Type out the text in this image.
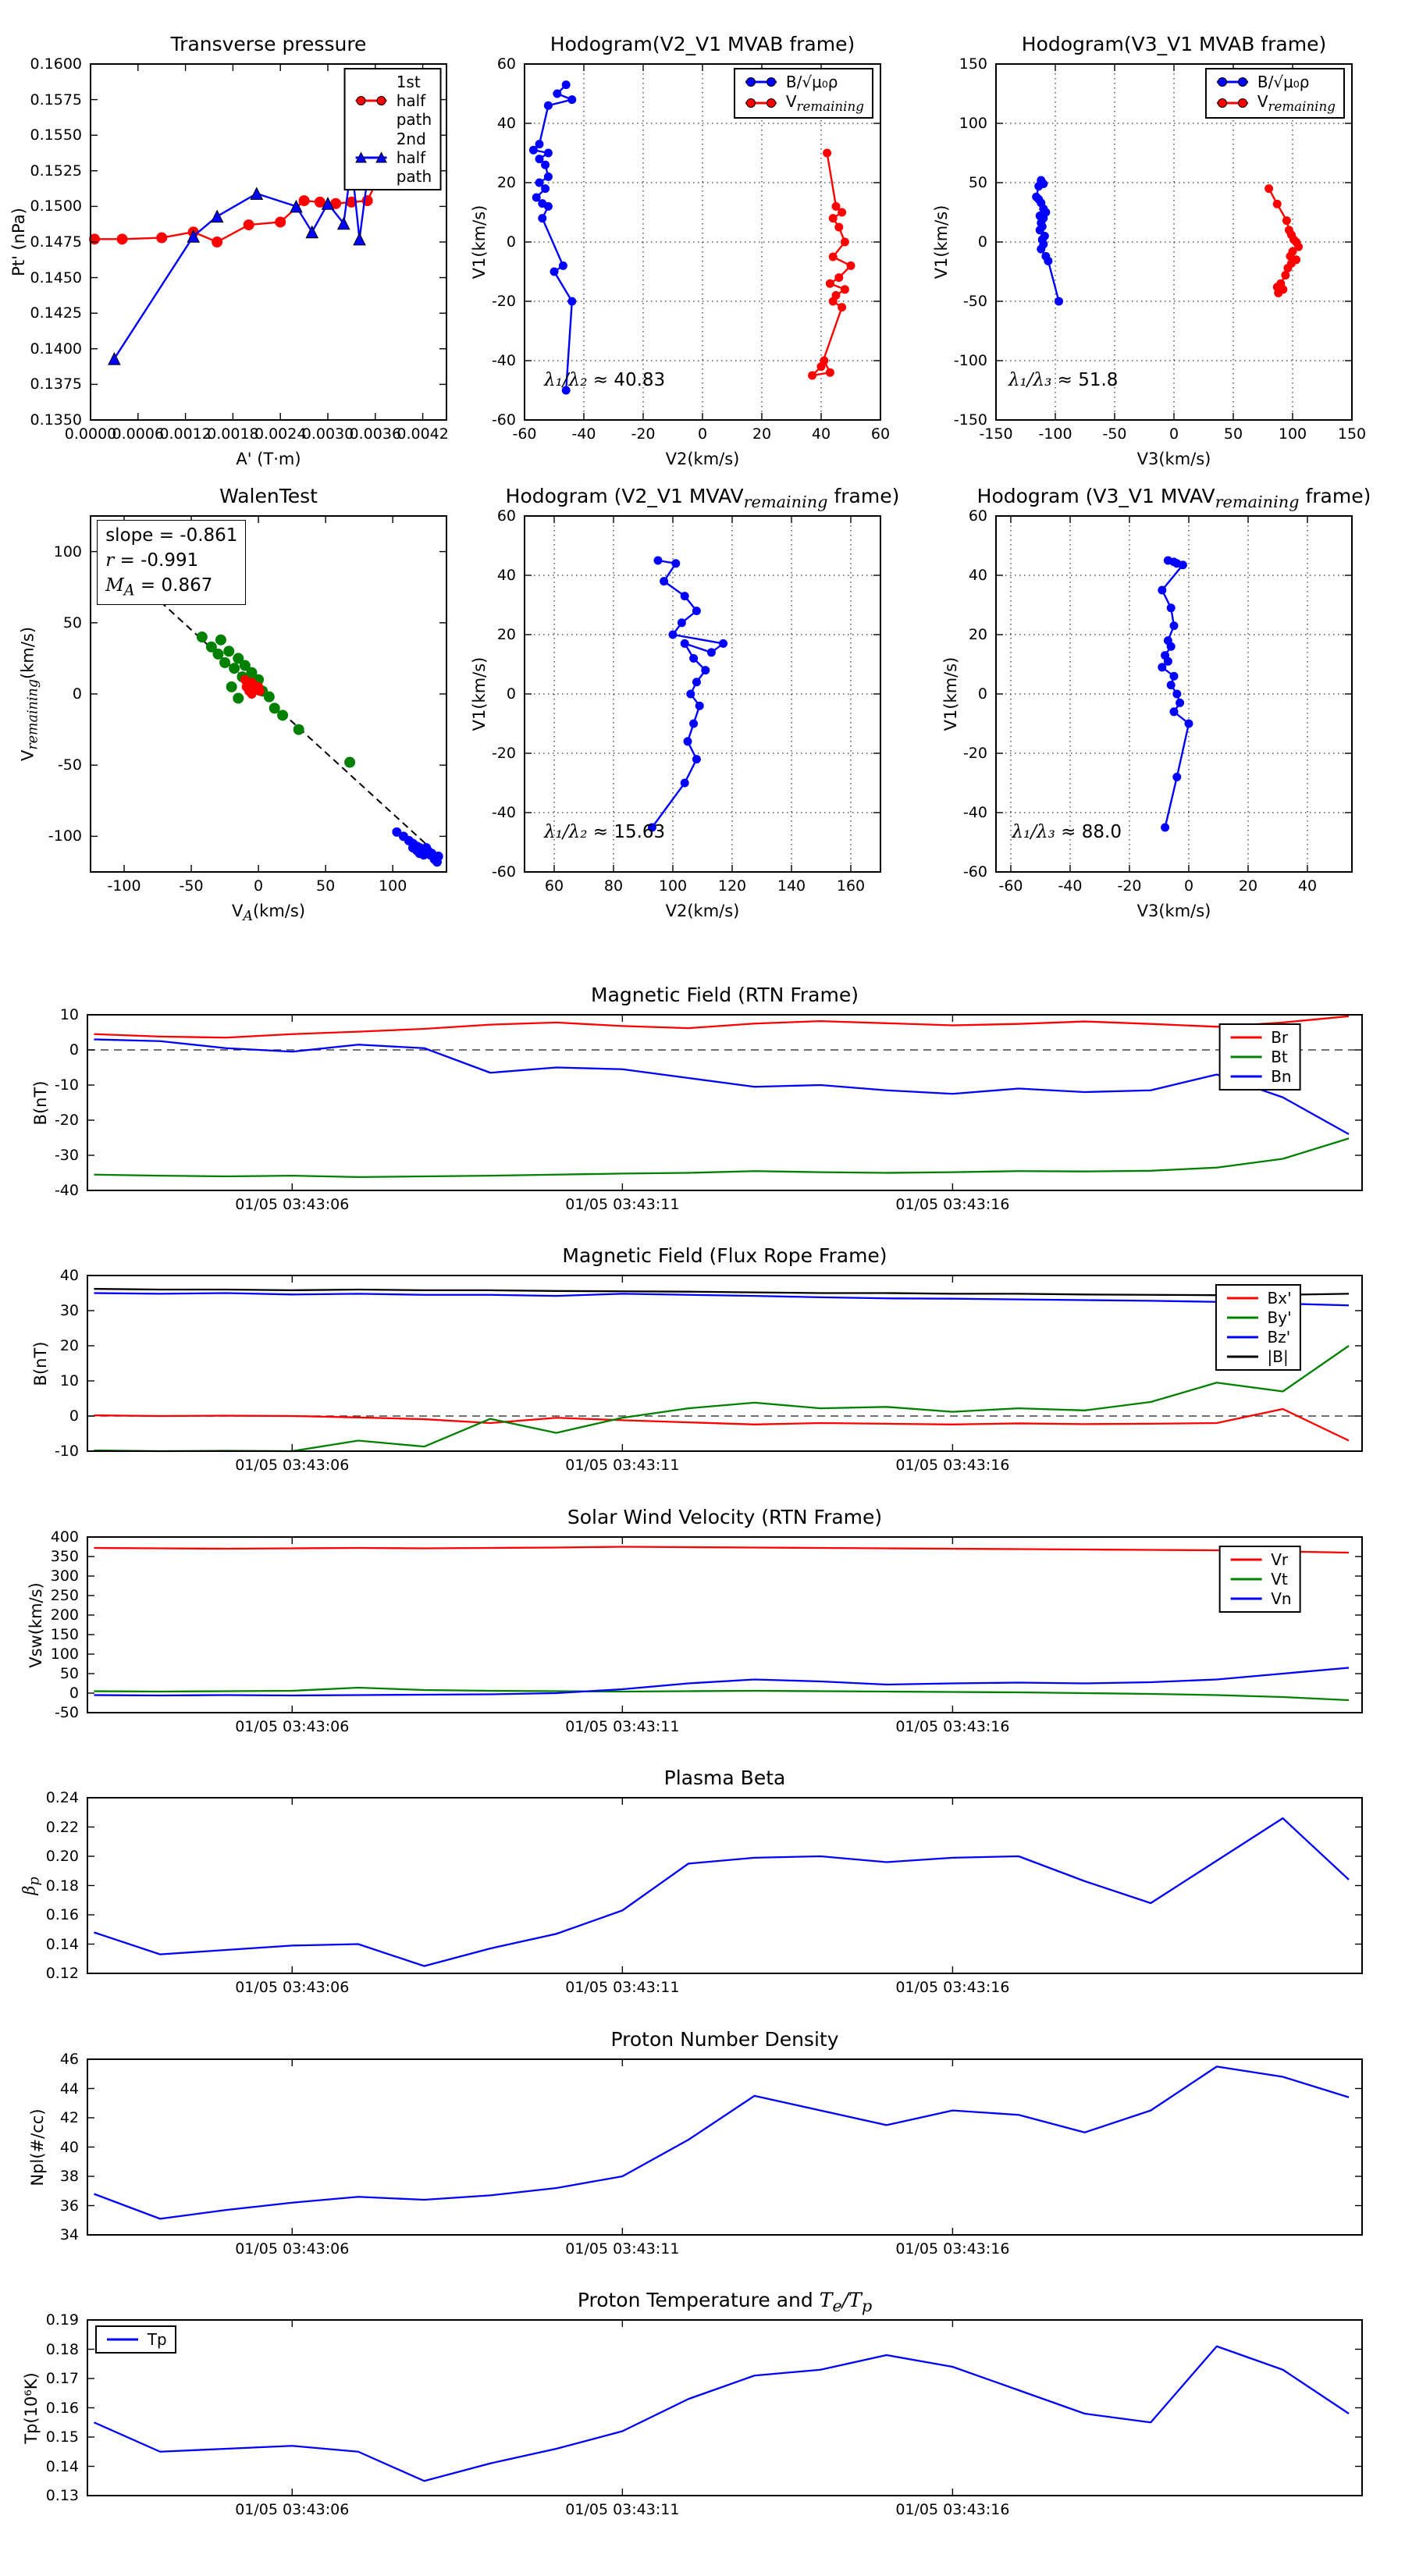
0.0000
0.0006
0.0012
0.0018
0.0024
0.0030
0.0036
0.0042
0.1350
0.1375
0.1400
0.1425
0.1450
0.1475
0.1500
0.1525
0.1550
0.1575
0.1600
Transverse pressure
A' (T·m)
Pt' (nPa)
1st half path
2nd half path
-60 -40 -20	0	20	40	60
-60
-40
-20
0
20
40
60
Hodogram(V2_V1 MVAB frame)
V2(km/s)
V1(km/s)
B/√μ₀ρ
$V_{remaining}$
λ₁/λ₂ ≈ 40.83
-150 -100 -50	0	50 100 150
-150
-100
-50
0
50
100
150
Hodogram(V3_V1 MVAB frame)
V3(km/s)
V1(km/s)
B/√μ₀ρ
$V_{remaining}$
λ₁/λ₃ ≈ 51.8
-100	-50	0	50	100
-100
-50
0
50
100
WalenTest
$V_A(km/s)$
$V_{remaining}(km/s)$
slope = -0.861
r = -0.991
$M_A = 0.867$
60	80 100 120 140 160
-60
-40
-20
0
20
40
60
Hodogram (V2_V1 $MVAV_{remaining}$ frame)
V2(km/s)
V1(km/s)
λ₁/λ₂ ≈ 15.63
-60 -40 -20	0	20	40
-60
-40
-20
0
20
40
60
Hodogram (V3_V1 $MVAV_{remaining}$ frame)
V3(km/s)
V1(km/s)
λ₁/λ₃ ≈ 88.0
01/05 03:43:06	01/05 03:43:11	01/05 03:43:16
-40
-30
-20
-10
0
10
Magnetic Field (RTN Frame)
B(nT)
Br
Bt
Bn
01/05 03:43:06	01/05 03:43:11	01/05 03:43:16
-10
0
10
20
30
40
Magnetic Field (Flux Rope Frame)
B(nT)
Bx'
By'
Bz'
|B|
01/05 03:43:06	01/05 03:43:11	01/05 03:43:16
-50
0
50
100
150
200
250
300
350
400
Solar Wind Velocity (RTN Frame)
Vsw(km/s)
Vr
Vt
Vn
01/05 03:43:06	01/05 03:43:11	01/05 03:43:16
0.12
0.14
0.16
0.18
0.20
0.22
0.24
Plasma Beta
$\beta_p$
01/05 03:43:06	01/05 03:43:11	01/05 03:43:16
34
36
38
40
42
44
46
Proton Number Density
Npl(#/cc)
01/05 03:43:06	01/05 03:43:11	01/05 03:43:16
0.13
0.14
0.15
0.16
0.17
0.18
0.19
Proton Temperature and $T_e/T_p$
Tp(10⁶K)
Tp
